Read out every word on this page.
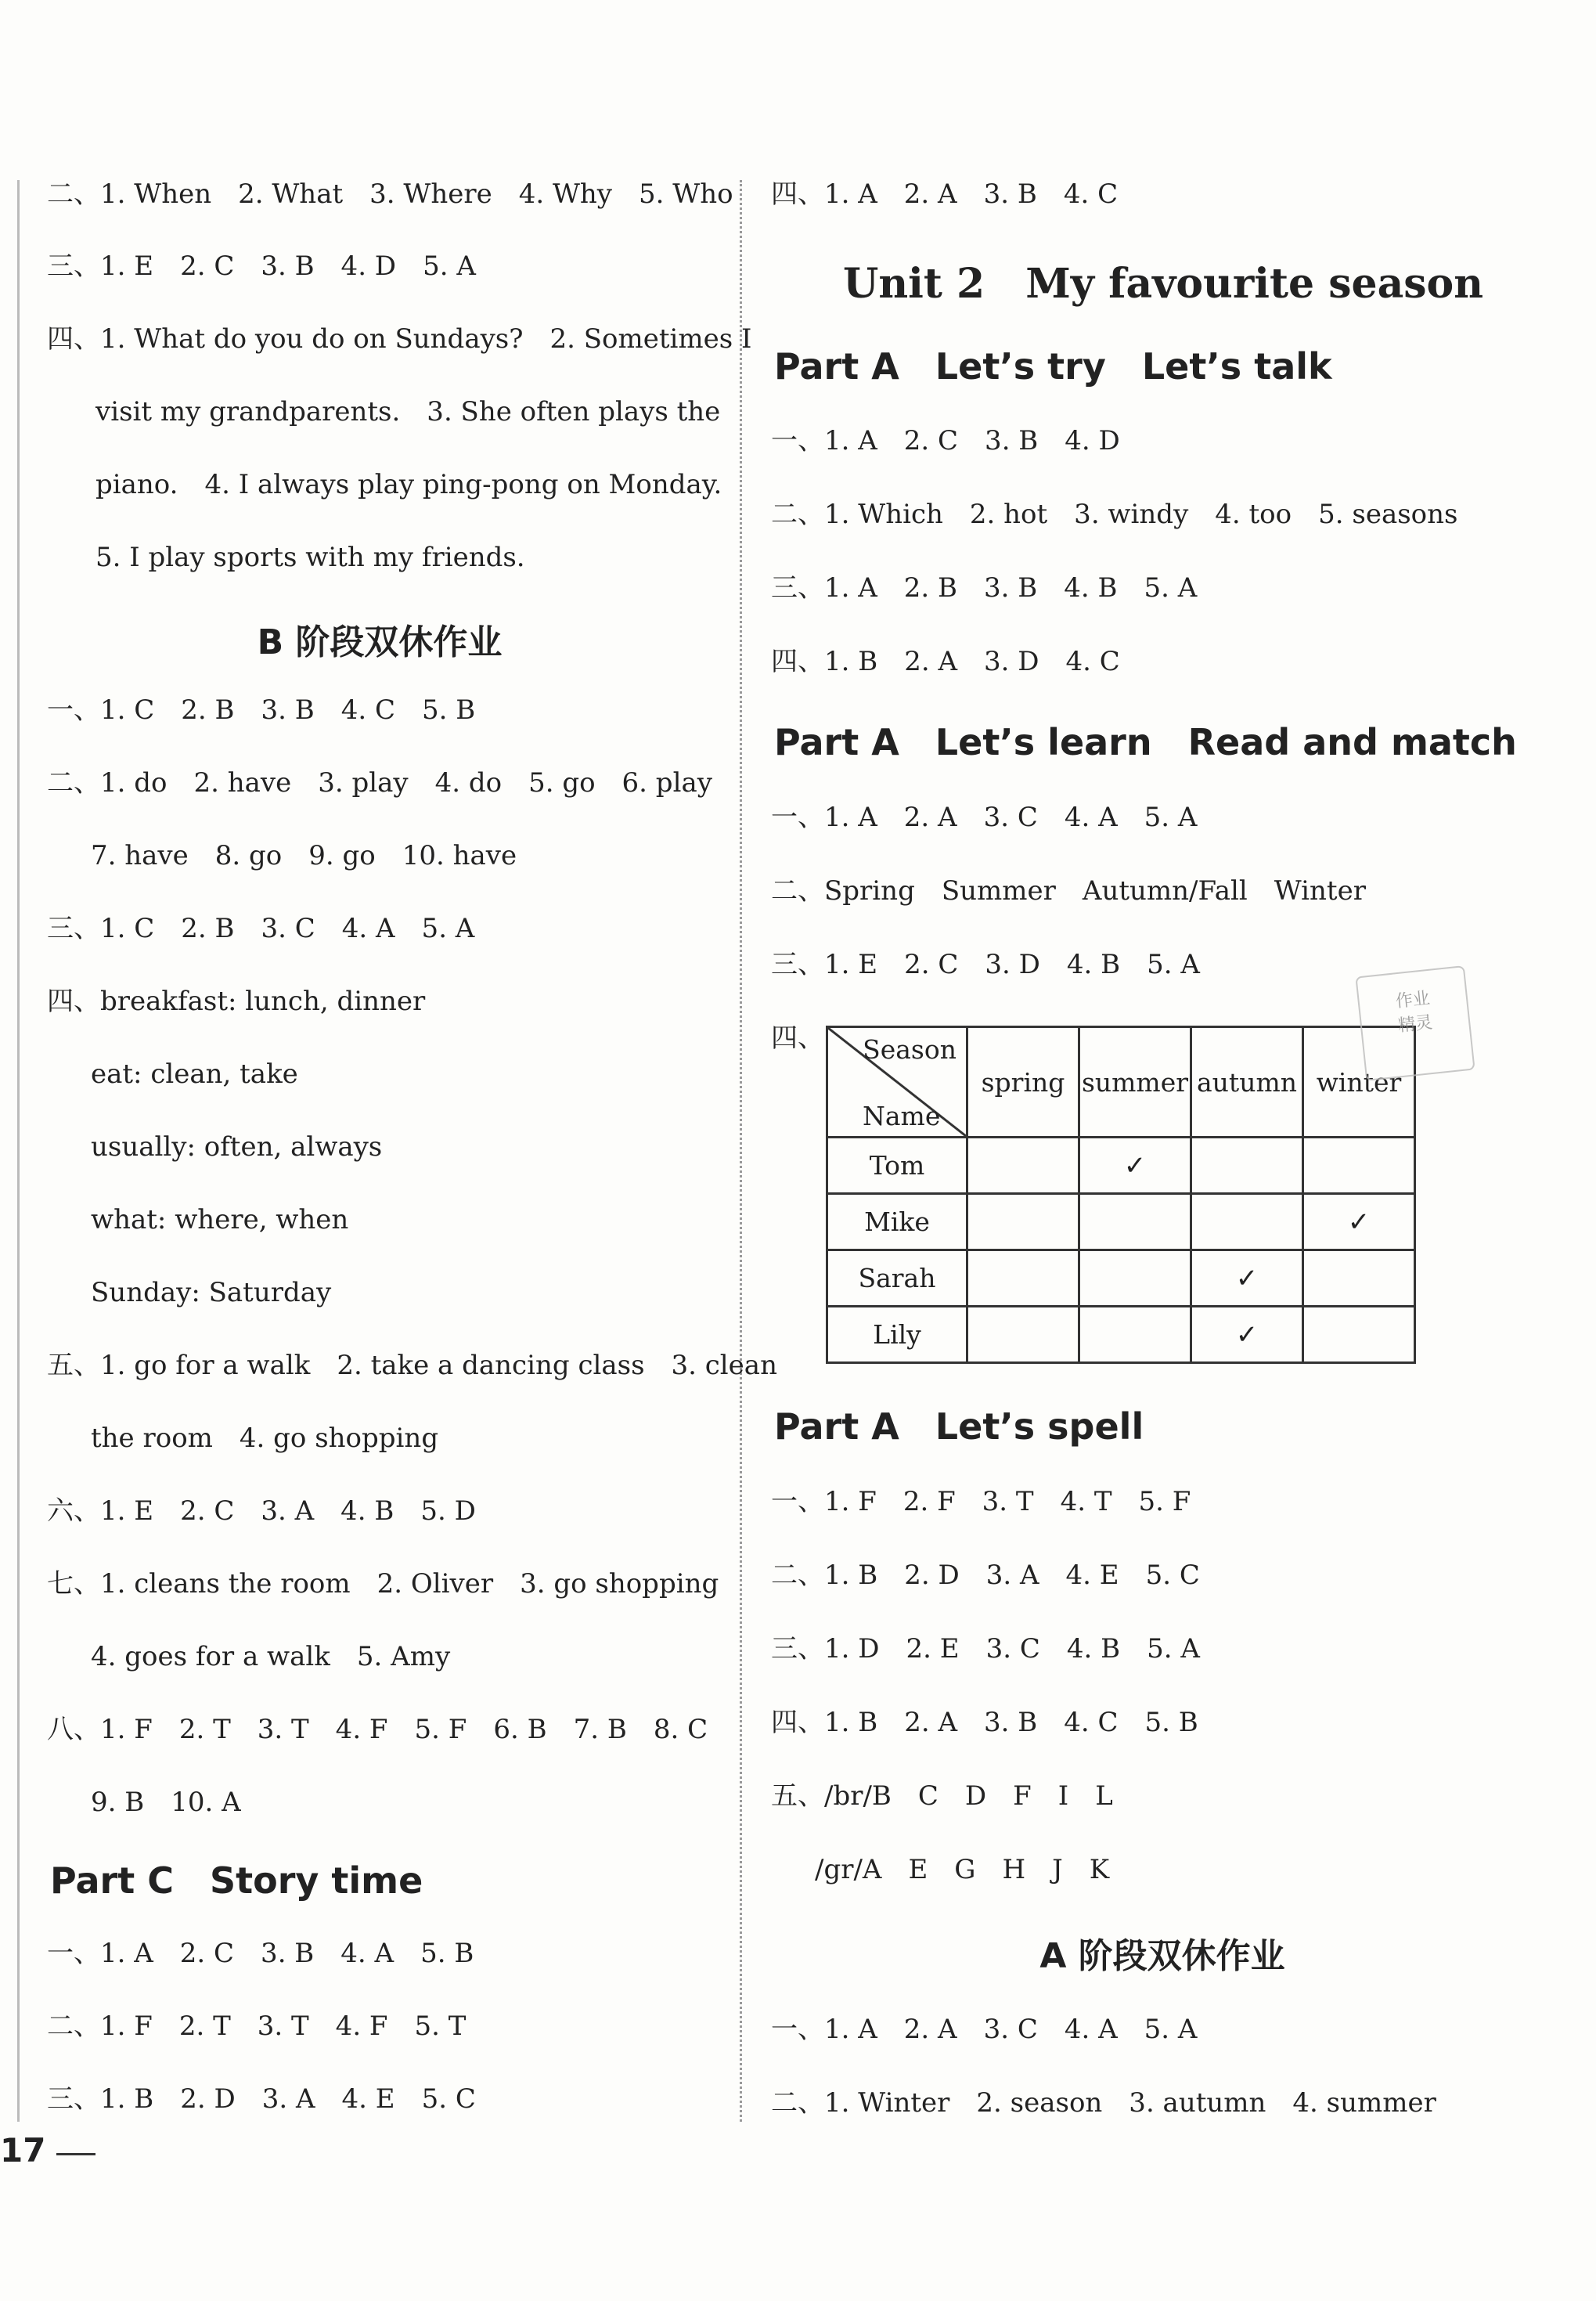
二、1. When　2. What　3. Where　4. Why　5. Who
三、1. E　2. C　3. B　4. D　5. A
四、1. What do you do on Sundays?　2. Sometimes I
visit my grandparents.　3. She often plays the
piano.　4. I always play ping-pong on Monday.
5. I play sports with my friends.
B 阶段双休作业
一、1. C　2. B　3. B　4. C　5. B
二、1. do　2. have　3. play　4. do　5. go　6. play
7. have　8. go　9. go　10. have
三、1. C　2. B　3. C　4. A　5. A
四、breakfast: lunch, dinner
eat: clean, take
usually: often, always
what: where, when
Sunday: Saturday
五、1. go for a walk　2. take a dancing class　3. clean
the room　4. go shopping
六、1. E　2. C　3. A　4. B　5. D
七、1. cleans the room　2. Oliver　3. go shopping
4. goes for a walk　5. Amy
八、1. F　2. T　3. T　4. F　5. F　6. B　7. B　8. C
9. B　10. A
Part C　Story time
一、1. A　2. C　3. B　4. A　5. B
二、1. F　2. T　3. T　4. F　5. T
三、1. B　2. D　3. A　4. E　5. C
四、1. A　2. A　3. B　4. C
Unit 2　My favourite season
Part A　Let’s try　Let’s talk
一、1. A　2. C　3. B　4. D
二、1. Which　2. hot　3. windy　4. too　5. seasons
三、1. A　2. B　3. B　4. B　5. A
四、1. B　2. A　3. D　4. C
Part A　Let’s learn　Read and match
一、1. A　2. A　3. C　4. A　5. A
二、Spring　Summer　Autumn/Fall　Winter
三、1. E　2. C　3. D　4. B　5. A
四、
Part A　Let’s spell
一、1. F　2. F　3. T　4. T　5. F
二、1. B　2. D　3. A　4. E　5. C
三、1. D　2. E　3. C　4. B　5. A
四、1. B　2. A　3. B　4. C　5. B
五、/br/B　C　D　F　I　L
/gr/A　E　G　H　J　K
A 阶段双休作业
一、1. A　2. A　3. C　4. A　5. A
二、1. Winter　2. season　3. autumn　4. summer
Season
Name	spring	summer	autumn	winter
Tom		✓		
Mike				✓
Sarah			✓	
Lily			✓	
作业
精灵
17
